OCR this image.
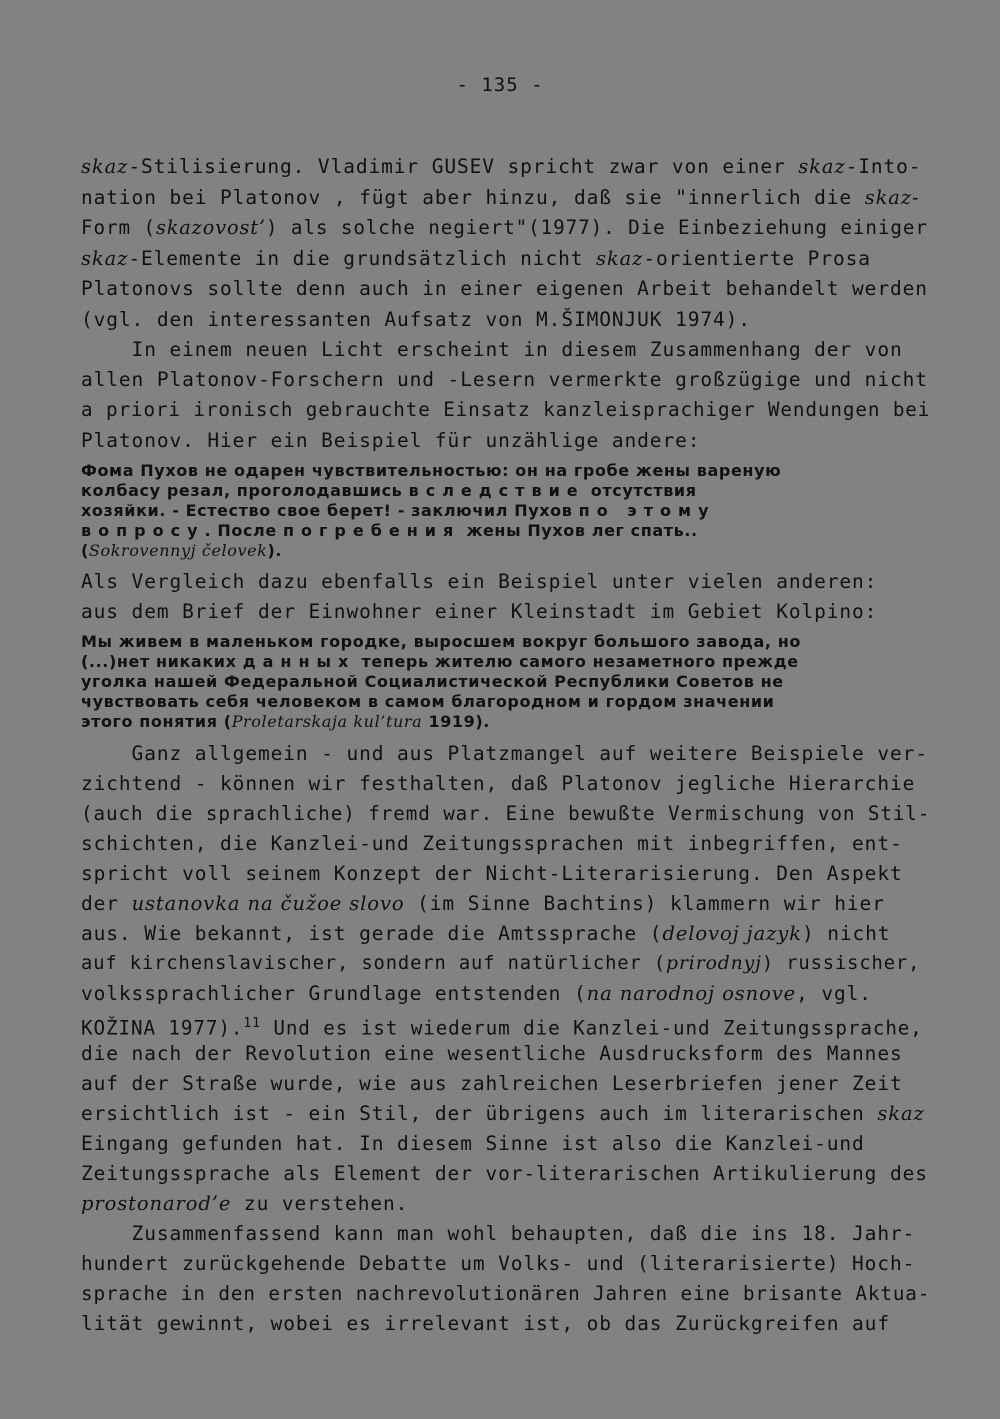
- 135 -
skaz-Stilisierung. Vladimir GUSEV spricht zwar von einer skaz-Into-
nation bei Platonov , fügt aber hinzu, daß sie "innerlich die skaz-
Form (skazovost’) als solche negiert"(1977). Die Einbeziehung einiger
skaz-Elemente in die grundsätzlich nicht skaz-orientierte Prosa
Platonovs sollte denn auch in einer eigenen Arbeit behandelt werden
(vgl. den interessanten Aufsatz von M.ŠIMONJUK 1974).
In einem neuen Licht erscheint in diesem Zusammenhang der von
allen Platonov-Forschern und -Lesern vermerkte großzügige und nicht
a priori ironisch gebrauchte Einsatz kanzleisprachiger Wendungen bei
Platonov. Hier ein Beispiel für unzählige andere:
Фома Пухов не одарен чувствительностью: он на гробе жены вареную
колбасу резал, проголодавшись вследствие отсутствия
хозяйки. - Естество свое берет! - заключил Пухов по этому
вопросу. После погребения жены Пухов лег спать..
(Sokrovennyj čelovek).
Als Vergleich dazu ebenfalls ein Beispiel unter vielen anderen:
aus dem Brief der Einwohner einer Kleinstadt im Gebiet Kolpino:
Мы живем в маленьком городке, выросшем вокруг большого завода, но
(...)нет никаких данных теперь жителю самого незаметного прежде
уголка нашей Федеральной Социалистической Республики Советов не
чувствовать себя человеком в самом благородном и гордом значении
этого понятия (Proletarskaja kul’tura 1919).
Ganz allgemein - und aus Platzmangel auf weitere Beispiele ver-
zichtend - können wir festhalten, daß Platonov jegliche Hierarchie
(auch die sprachliche) fremd war. Eine bewußte Vermischung von Stil-
schichten, die Kanzlei-und Zeitungssprachen mit inbegriffen, ent-
spricht voll seinem Konzept der Nicht-Literarisierung. Den Aspekt
der ustanovka na čužoe slovo (im Sinne Bachtins) klammern wir hier
aus. Wie bekannt, ist gerade die Amtssprache (delovoj jazyk) nicht
auf kirchenslavischer, sondern auf natürlicher (prirodnyj) russischer,
volkssprachlicher Grundlage entstenden (na narodnoj osnove, vgl.
KOŽINA 1977).$^{11}$ Und es ist wiederum die Kanzlei-und Zeitungssprache,
die nach der Revolution eine wesentliche Ausdrucksform des Mannes
auf der Straße wurde, wie aus zahlreichen Leserbriefen jener Zeit
ersichtlich ist - ein Stil, der übrigens auch im literarischen skaz
Eingang gefunden hat. In diesem Sinne ist also die Kanzlei-und
Zeitungssprache als Element der vor-literarischen Artikulierung des
prostonarod’e zu verstehen.
Zusammenfassend kann man wohl behaupten, daß die ins 18. Jahr-
hundert zurückgehende Debatte um Volks- und (literarisierte) Hoch-
sprache in den ersten nachrevolutionären Jahren eine brisante Aktua-
lität gewinnt, wobei es irrelevant ist, ob das Zurückgreifen auf
